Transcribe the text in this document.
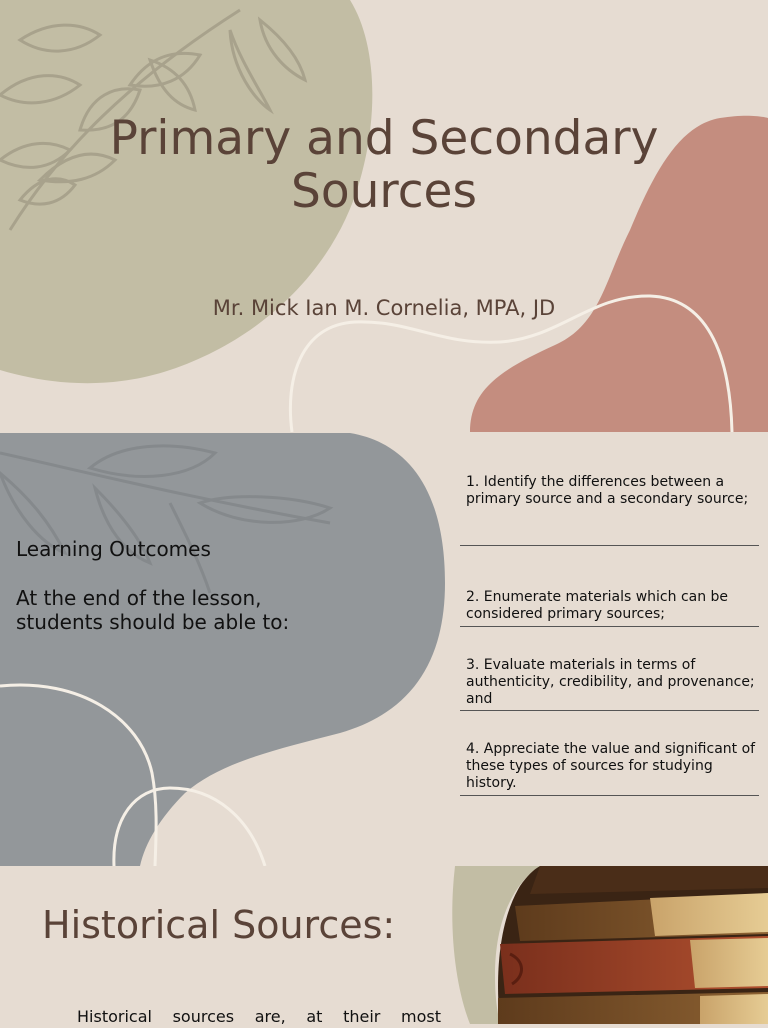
Primary and Secondary Sources
Mr. Mick Ian M. Cornelia, MPA, JD
Learning Outcomes
At the end of the lesson, students should be able to:
1. Identify the differences between a primary source and a secondary source;
2. Enumerate materials which can be considered primary sources;
3. Evaluate materials in terms of authenticity, credibility, and provenance; and
4. Appreciate the value and significant of these types of sources for studying history.
Historical Sources:
Historical sources are, at their most
